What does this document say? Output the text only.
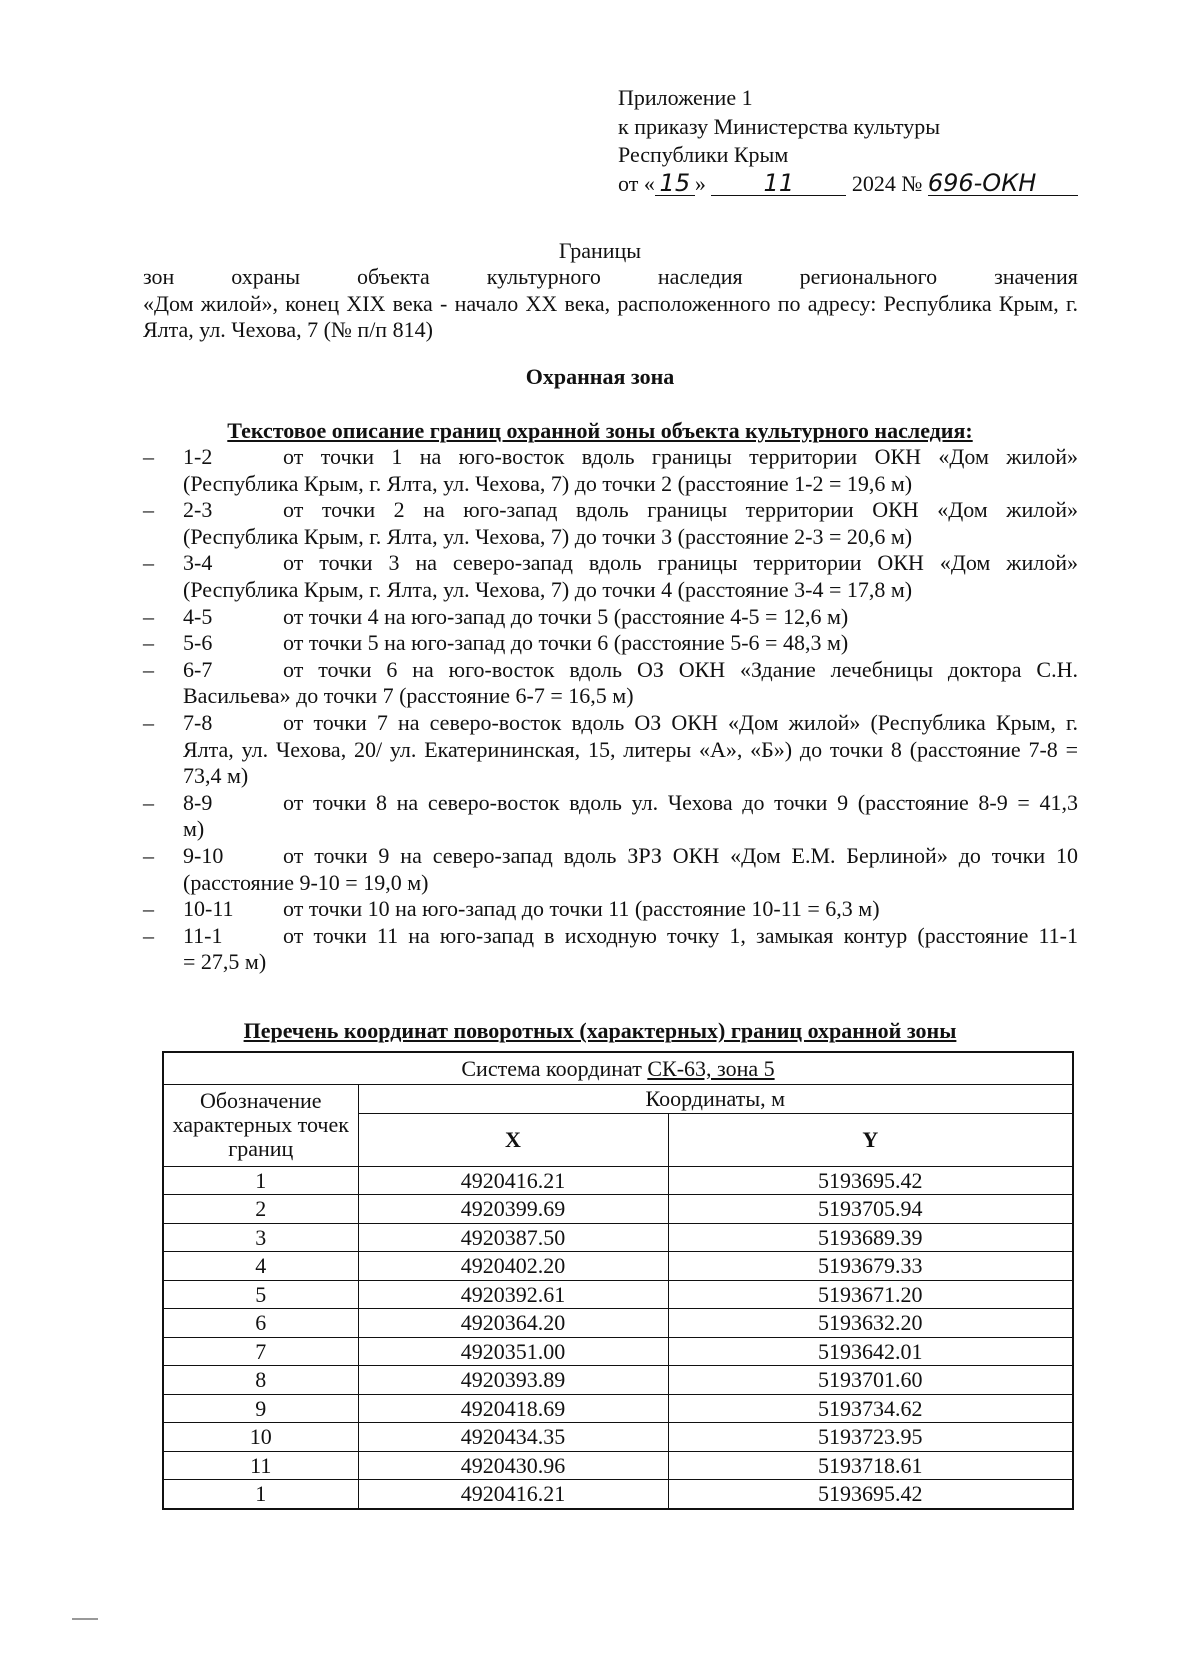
Приложение 1
к приказу Министерства культуры
Республики Крым
от « 15 » 11	2024 № 696-ОКН
Границы
зон	охраны	объекта	культурного	наследия	регионального	значения
«Дом жилой», конец XIX века - начало XX века, расположенного по адресу: Республика Крым, г. Ялта, ул. Чехова, 7 (№ п/п 814)
Охранная зона
Текстовое описание границ охранной зоны объекта культурного наследия:
–	1-2	от точки 1 на юго-восток вдоль границы территории ОКН «Дом жилой»
(Республика Крым, г. Ялта, ул. Чехова, 7) до точки 2 (расстояние 1-2 = 19,6 м)
–	2-3	от точки 2 на юго-запад вдоль границы территории ОКН «Дом жилой»
(Республика Крым, г. Ялта, ул. Чехова, 7) до точки 3 (расстояние 2-3 = 20,6 м)
–	3-4	от точки 3 на северо-запад вдоль границы территории ОКН «Дом жилой»
(Республика Крым, г. Ялта, ул. Чехова, 7) до точки 4 (расстояние 3-4 = 17,8 м)
–	4-5	от точки 4 на юго-запад до точки 5 (расстояние 4-5 = 12,6 м)
–	5-6	от точки 5 на юго-запад до точки 6 (расстояние 5-6 = 48,3 м)
–	6-7	от точки 6 на юго-восток вдоль ОЗ ОКН «Здание лечебницы доктора С.Н.
Васильева» до точки 7 (расстояние 6-7 = 16,5 м)
–	7-8	от точки 7 на северо-восток вдоль ОЗ ОКН «Дом жилой» (Республика Крым, г.
Ялта, ул. Чехова, 20/ ул. Екатерининская, 15, литеры «А», «Б») до точки 8 (расстояние 7-8 = 73,4 м)
–	8-9	от точки 8 на северо-восток вдоль ул. Чехова до точки 9 (расстояние 8-9 = 41,3
м)
–	9-10	от точки 9 на северо-запад вдоль ЗРЗ ОКН «Дом Е.М. Берлиной» до точки 10
(расстояние 9-10 = 19,0 м)
–	10-11	от точки 10 на юго-запад до точки 11 (расстояние 10-11 = 6,3 м)
–	11-1	от точки 11 на юго-запад в исходную точку 1, замыкая контур (расстояние 11-1
= 27,5 м)
Перечень координат поворотных (характерных) границ охранной зоны
Система координат СК-63, зона 5		
Обозначение характерных точек границ	Координаты, м	
	X	Y
1	4920416.21	5193695.42
2	4920399.69	5193705.94
3	4920387.50	5193689.39
4	4920402.20	5193679.33
5	4920392.61	5193671.20
6	4920364.20	5193632.20
7	4920351.00	5193642.01
8	4920393.89	5193701.60
9	4920418.69	5193734.62
10	4920434.35	5193723.95
11	4920430.96	5193718.61
1	4920416.21	5193695.42
